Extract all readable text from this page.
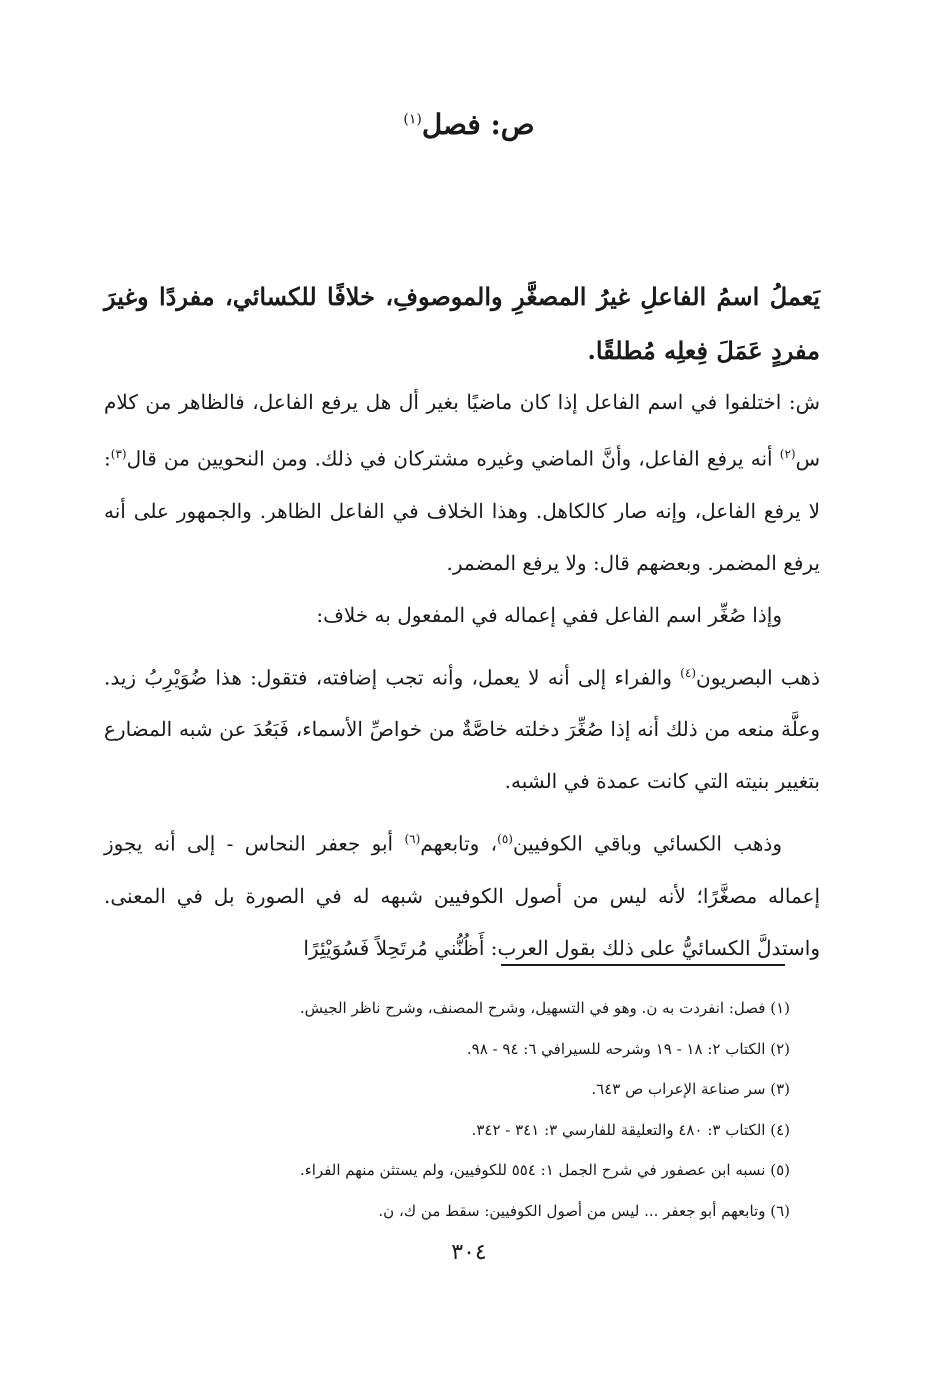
ص: فصل$^{(١)}$
يَعملُ اسمُ الفاعلِ غيرُ المصغَّرِ والموصوفِ، خلافًا للكسائي، مفردًا وغيرَ مفردٍ عَمَلَ فِعلِه مُطلقًا.

ش: اختلفوا في اسم الفاعل إذا كان ماضيًا بغير أل هل يرفع الفاعل، فالظاهر من كلام س$^{(٢)}$ أنه يرفع الفاعل، وأنَّ الماضي وغيره مشتركان في ذلك. ومن النحويين من قال$^{(٣)}$: لا يرفع الفاعل، وإنه صار كالكاهل. وهذا الخلاف في الفاعل الظاهر. والجمهور على أنه يرفع المضمر. وبعضهم قال: ولا يرفع المضمر.

وإذا صُغِّر اسم الفاعل ففي إعماله في المفعول به خلاف:

ذهب البصريون$^{(٤)}$ والفراء إلى أنه لا يعمل، وأنه تجب إضافته، فتقول: هذا ضُوَيْرِبُ زيد. وعلَّة منعه من ذلك أنه إذا صُغِّرَ دخلته خاصَّةٌ من خواصِّ الأسماء، فَبَعُدَ عن شبه المضارع بتغيير بنيته التي كانت عمدة في الشبه.

وذهب الكسائي وباقي الكوفيين$^{(٥)}$، وتابعهم$^{(٦)}$ أبو جعفر النحاس - إلى أنه يجوز إعماله مصغَّرًا؛ لأنه ليس من أصول الكوفيين شبهه له في الصورة بل في المعنى. واستدلَّ الكسائيُّ على ذلك بقول العرب: أَظُنُّني مُرتَحِلاً فَسُوَيْئِرًا

(١) فصل: انفردت به ن. وهو في التسهيل، وشرح المصنف، وشرح ناظر الجيش.
(٢) الكتاب ٢: ١٨ - ١٩ وشرحه للسيرافي ٦: ٩٤ - ٩٨.
(٣) سر صناعة الإعراب ص ٦٤٣.
(٤) الكتاب ٣: ٤٨٠ والتعليقة للفارسي ٣: ٣٤١ - ٣٤٢.
(٥) نسبه ابن عصفور في شرح الجمل ١: ٥٥٤ للكوفيين، ولم يستثن منهم الفراء.
(٦) وتابعهم أبو جعفر ... ليس من أصول الكوفيين: سقط من ك، ن.
٣٠٤
